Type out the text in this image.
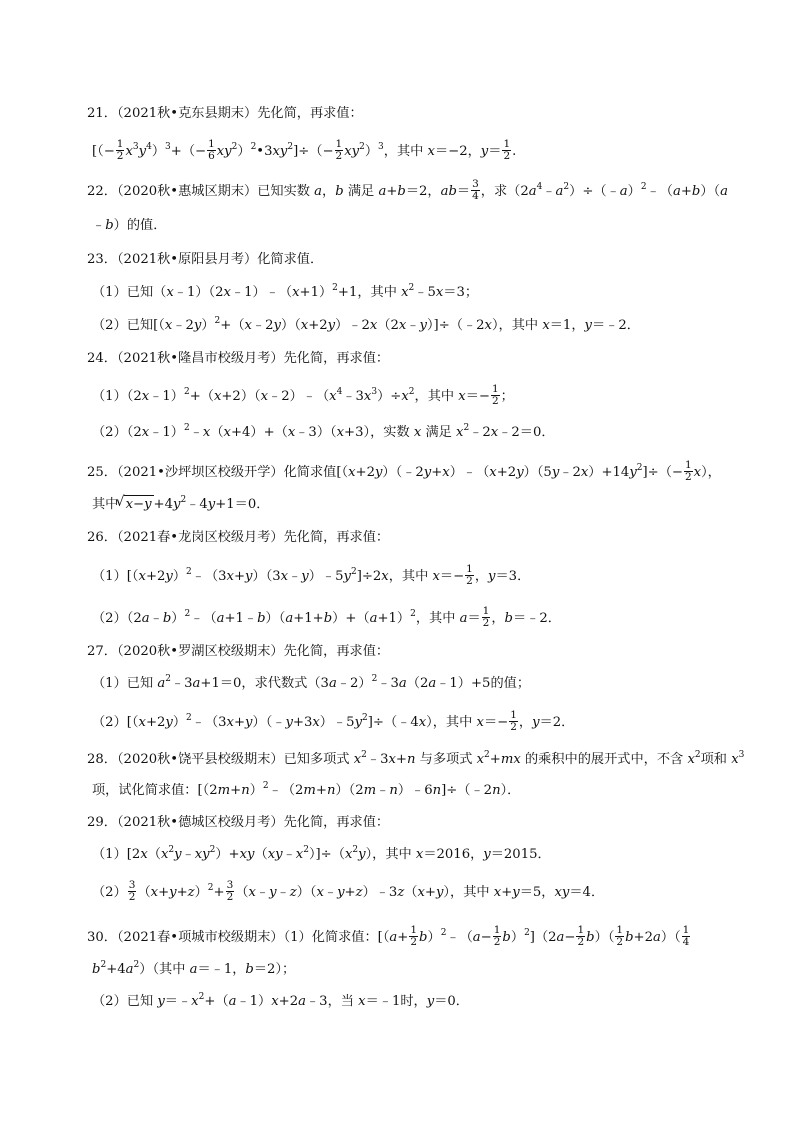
21．（2021秋•克东县期末）先化简，再求值：
[（− $\frac{1}{2} x^3y^4)^3+(- \frac{1}{6}$ $xy^2)^2•3xy^2]\div(- \frac{1}{2} xy^2)^3$，其中 x＝−2，$y= \frac{1}{2}$ .
22．（2020秋•惠城区期末）已知实数 a，b 满足 a+b＝2，$ab= \frac{3}{4}$ ，求$(2a^4﹣a^2)\div(﹣a)^2﹣(a+b)(a$
﹣b）的值．
23．（2021秋•原阳县月考）化简求值．
（1）已知$(x﹣1)(2x﹣1)﹣(x+1)^2+1$，其中 $x^2﹣5x=3$；
（2）已知[（x﹣2y）$^2$+（x﹣2y）（x+2y）﹣2x（2x﹣y）]÷（﹣2x），其中 x＝1，y＝﹣2．
24．（2021秋•隆昌市校级月考）先化简，再求值：
$(1)(2x﹣1)^2+(x+2)(x﹣2)﹣(x^4﹣3x^3)\div x^2$，其中 $x=- \frac{1}{2}$ ；
（2）（2x﹣1）$^2$﹣x（x+4）+（x﹣3）（x+3），实数 x 满足 $x^2﹣2x﹣2=0$．
25．（2021•沙坪坝区校级开学）化简求值$[(x+2y)(﹣2y+x)﹣(x+2y)(5y﹣2x)+14y^2]\div(- \frac{1}{2} x)$，
其中 √ $x-y +4y^2﹣4y+1=0$．
26．（2021春•龙岗区校级月考）先化简，再求值：
$(1)[(x+2y)^2﹣(3x+y)(3x﹣y)﹣5y^2]\div 2x$，其中 $x=- \frac{1}{2}$ ，y＝3．
$(2)(2a﹣b)^2﹣(a+1﹣b)(a+1+b)+(a+1)^2$，其中 $a= \frac{1}{2}$ ，b＝﹣2．
27．（2020秋•罗湖区校级期末）先化简，再求值：
（1）已知 $a^2﹣3a+1=0$，求代数式（3a﹣2）$^2$﹣3a（2a﹣1）+5的值；
$(2)[(x+2y)^2﹣(3x+y)(﹣y+3x)﹣5y^2]\div(﹣4x)$，其中 $x=- \frac{1}{2}$ ，y＝2．
28．（2020秋•饶平县校级期末）已知多项式 $x^2﹣3x+n$ 与多项式 $x^2+mx$ 的乘积中的展开式中，不含 $x^2$项和 $x^3$
项，试化简求值：$[(2m+n)^2﹣(2m+n)(2m﹣n)﹣6n]\div(﹣2n)$．
29．（2021秋•德城区校级月考）先化简，再求值：
$(1)[2x(x^2y﹣xy^2)+xy(xy﹣x^2)]\div(x^2y)$，其中 x＝2016，y＝2015．
$(2) \frac{3}{2} (x+y+z)^2+ \frac{3}{2}$ （x﹣y﹣z）（x﹣y+z）﹣3z（x+y），其中 x+y＝5，xy＝4．
30．（2021春•项城市校级期末）（1）化简求值：[（$a+ \frac{1}{2}$ $b)^2﹣(a- \frac{1}{2} b)^2](2a- \frac{1}{2} b)( \frac{1}{2} b+2a)( \frac{1}{4}$
$b^2+4a^2$）（其中 a＝﹣1，b＝2）；
（2）已知 $y=﹣x^2+(a﹣1)x+2a﹣3$，当 x＝﹣1时，y＝0．
